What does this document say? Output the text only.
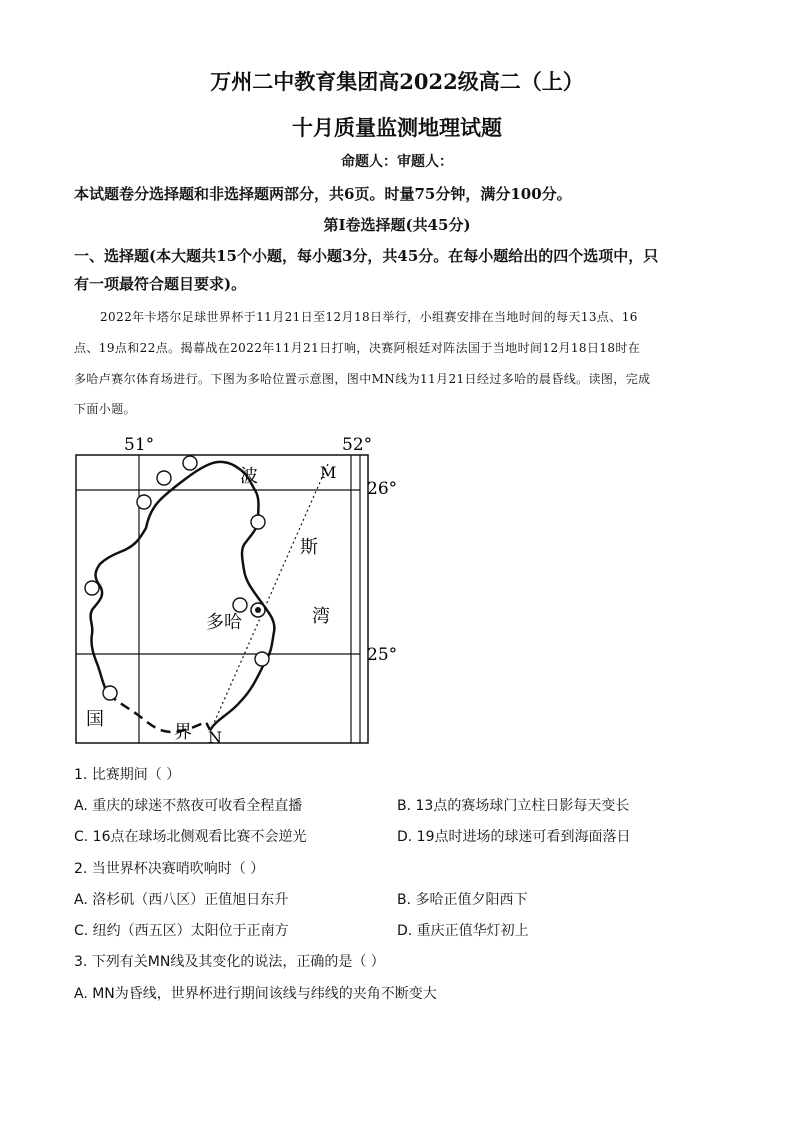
万州二中教育集团高2022级高二（上）
十月质量监测地理试题
命题人：审题人：
本试题卷分选择题和非选择题两部分，共6页。时量75分钟，满分100分。
第Ⅰ卷选择题(共45分)
一、选择题(本大题共15个小题，每小题3分，共45分。在每小题给出的四个选项中，只
有一项最符合题目要求)。
2022年卡塔尔足球世界杯于11月21日至12月18日举行，小组赛安排在当地时间的每天13点、16
点、19点和22点。揭幕战在2022年11月21日打响，决赛阿根廷对阵法国于当地时间12月18日18时在
多哈卢赛尔体育场进行。下图为多哈位置示意图，图中MN线为11月21日经过多哈的晨昏线。读图，完成
下面小题。
51°	52°
26°
25°
波
斯
湾
多哈
国
界
M
N
1. 比赛期间（ ）
A. 重庆的球迷不熬夜可收看全程直播	B. 13点的赛场球门立柱日影每天变长
C. 16点在球场北侧观看比赛不会逆光	D. 19点时进场的球迷可看到海面落日
2. 当世界杯决赛哨吹响时（ ）
A. 洛杉矶（西八区）正值旭日东升	B. 多哈正值夕阳西下
C. 纽约（西五区）太阳位于正南方	D. 重庆正值华灯初上
3. 下列有关MN线及其变化的说法，正确的是（ ）
A. MN为昏线，世界杯进行期间该线与纬线的夹角不断变大
